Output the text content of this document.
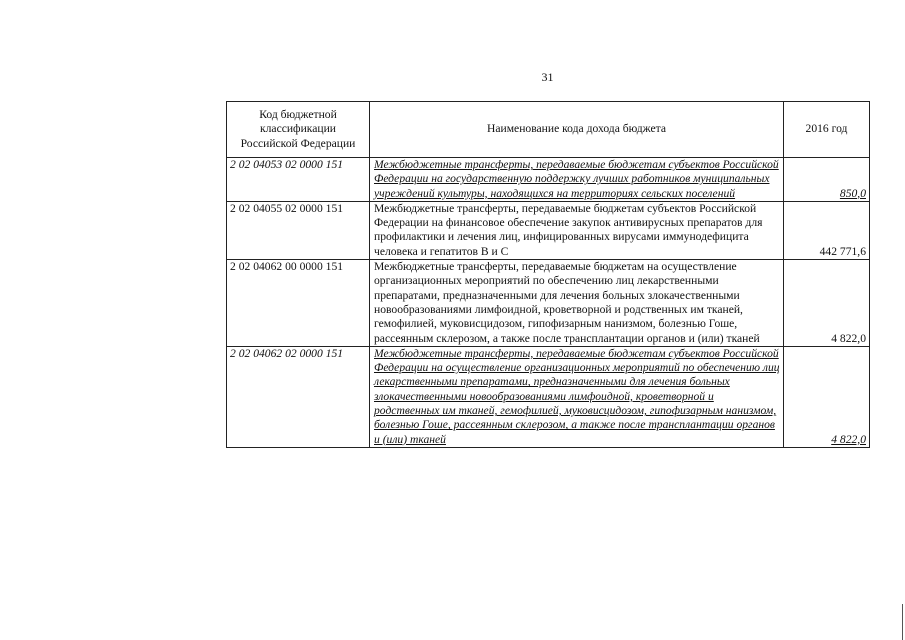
31
Код бюджетной классификации Российской Федерации	Наименование кода дохода бюджета	2016 год
2 02 04053 02 0000 151	Межбюджетные трансферты, передаваемые бюджетам субъектов Российской Федерации на государственную поддержку лучших работников муниципальных учреждений культуры, находящихся на территориях сельских поселений	850,0
2 02 04055 02 0000 151	Межбюджетные трансферты, передаваемые бюджетам субъектов Российской Федерации на финансовое обеспечение закупок антивирусных препаратов для профилактики и лечения лиц, инфицированных вирусами иммунодефицита человека и гепатитов В и С	442 771,6
2 02 04062 00 0000 151	Межбюджетные трансферты, передаваемые бюджетам на осуществление организационных мероприятий по обеспечению лиц лекарственными препаратами, предназначенными для лечения больных злокачественными новообразованиями лимфоидной, кроветворной и родственных им тканей, гемофилией, муковисцидозом, гипофизарным нанизмом, болезнью Гоше, рассеянным склерозом, а также после трансплантации органов и (или) тканей	4 822,0
2 02 04062 02 0000 151	Межбюджетные трансферты, передаваемые бюджетам субъектов Российской Федерации на осуществление организационных мероприятий по обеспечению лиц лекарственными препаратами, предназначенными для лечения больных злокачественными новообразованиями лимфоидной, кроветворной и родственных им тканей, гемофилией, муковисцидозом, гипофизарным нанизмом, болезнью Гоше, рассеянным склерозом, а также после трансплантации органов и (или) тканей	4 822,0
